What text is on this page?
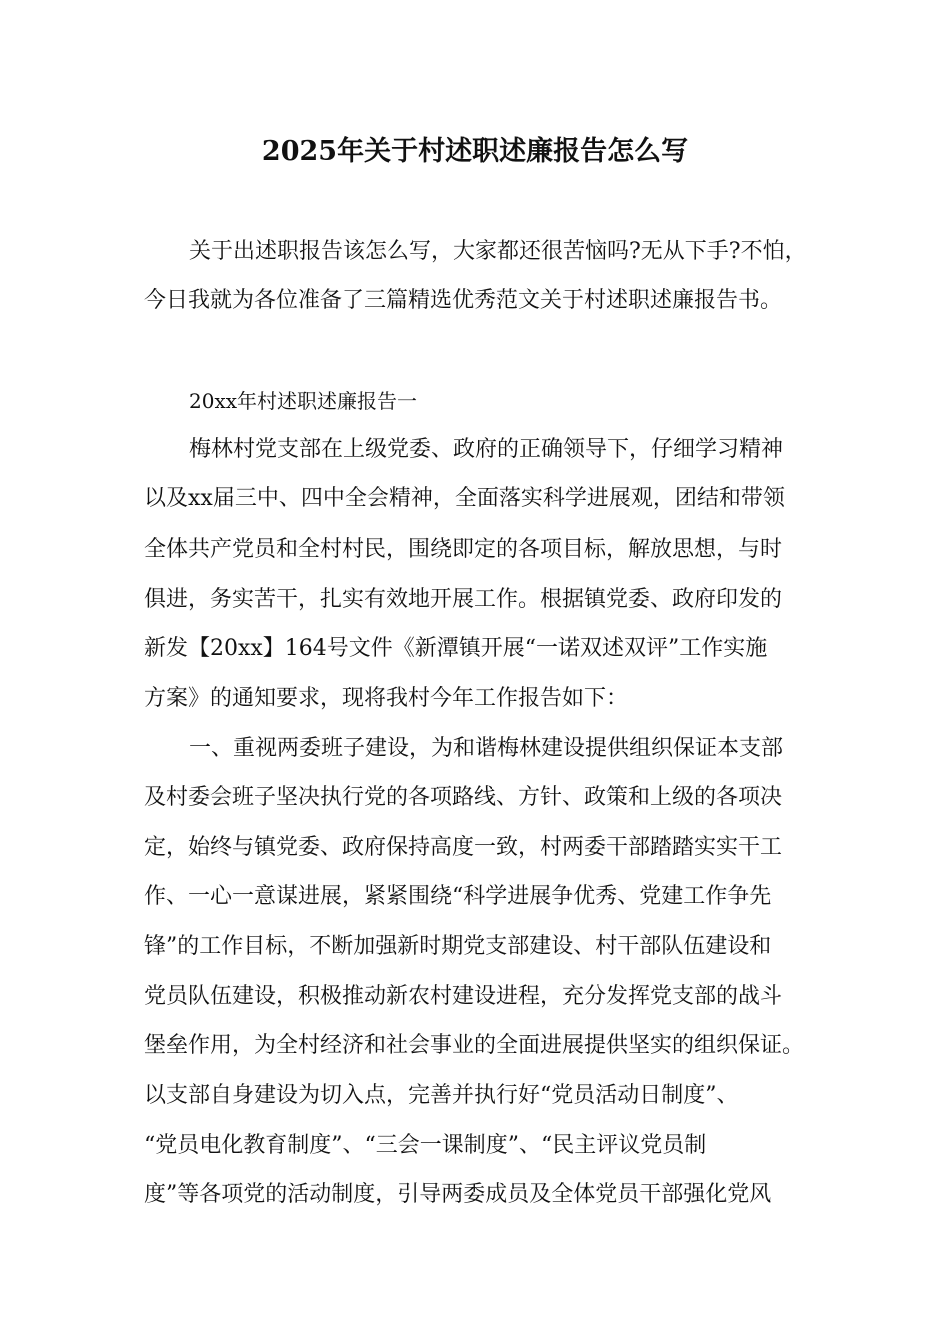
2025年关于村述职述廉报告怎么写

关于出述职报告该怎么写，大家都还很苦恼吗?无从下手?不怕，

今日我就为各位准备了三篇精选优秀范文关于村述职述廉报告书。

20xx年村述职述廉报告一

梅林村党支部在上级党委、政府的正确领导下，仔细学习精神

以及xx届三中、四中全会精神，全面落实科学进展观，团结和带领

全体共产党员和全村村民，围绕即定的各项目标，解放思想，与时

俱进，务实苦干，扎实有效地开展工作。根据镇党委、政府印发的

新发【20xx】164号文件《新潭镇开展“一诺双述双评”工作实施

方案》的通知要求，现将我村今年工作报告如下：

一、重视两委班子建设，为和谐梅林建设提供组织保证本支部

及村委会班子坚决执行党的各项路线、方针、政策和上级的各项决

定，始终与镇党委、政府保持高度一致，村两委干部踏踏实实干工

作、一心一意谋进展，紧紧围绕“科学进展争优秀、党建工作争先

锋”的工作目标，不断加强新时期党支部建设、村干部队伍建设和

党员队伍建设，积极推动新农村建设进程，充分发挥党支部的战斗

堡垒作用，为全村经济和社会事业的全面进展提供坚实的组织保证。

以支部自身建设为切入点，完善并执行好“党员活动日制度”、

“党员电化教育制度”、“三会一课制度”、“民主评议党员制

度”等各项党的活动制度，引导两委成员及全体党员干部强化党风
